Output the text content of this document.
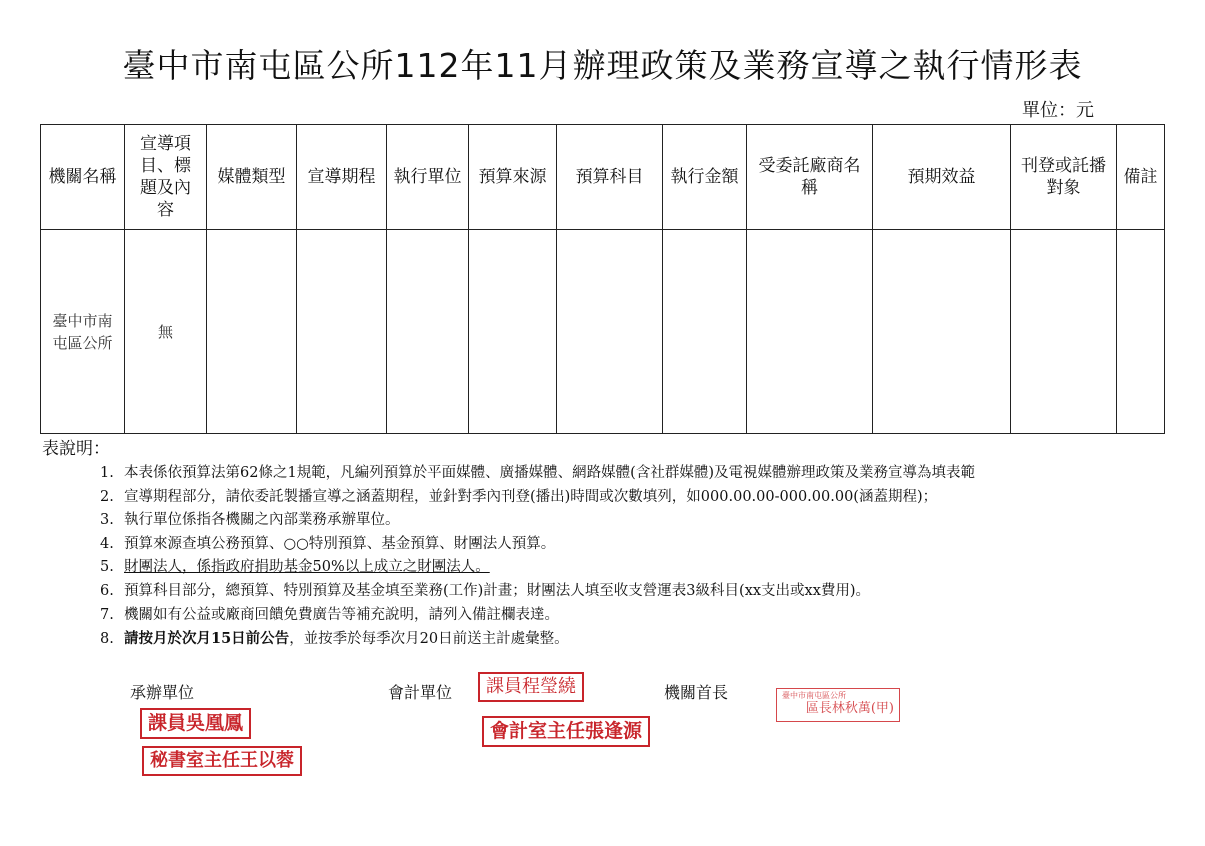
臺中市南屯區公所112年11月辦理政策及業務宣導之執行情形表
單位：元
機關名稱	宣導項目、標題及內容	媒體類型	宣導期程	執行單位	預算來源	預算科目	執行金額	受委託廠商名稱	預期效益	刊登或託播對象	備註

臺中市南屯區公所	無										
表說明：
1. 本表係依預算法第62條之1規範，凡編列預算於平面媒體、廣播媒體、網路媒體(含社群媒體)及電視媒體辦理政策及業務宣導為填表範
2. 宣導期程部分，請依委託製播宣導之涵蓋期程，並針對季內刊登(播出)時間或次數填列，如000.00.00-000.00.00(涵蓋期程)；
3. 執行單位係指各機關之內部業務承辦單位。
4. 預算來源查填公務預算、○○特別預算、基金預算、財團法人預算。
5. 財團法人，係指政府捐助基金50%以上成立之財團法人。
6. 預算科目部分，總預算、特別預算及基金填至業務(工作)計畫；財團法人填至收支營運表3級科目(xx支出或xx費用)。
7. 機關如有公益或廠商回饋免費廣告等補充說明，請列入備註欄表達。
8. 請按月於次月15日前公告，並按季於每季次月20日前送主計處彙整。
承辦單位	會計單位	機關首長
課員吳凰鳳
秘書室主任王以蓉
課員程瑩繞
會計室主任張逢源
臺中市南屯區公所
區長林秋萬(甲)
